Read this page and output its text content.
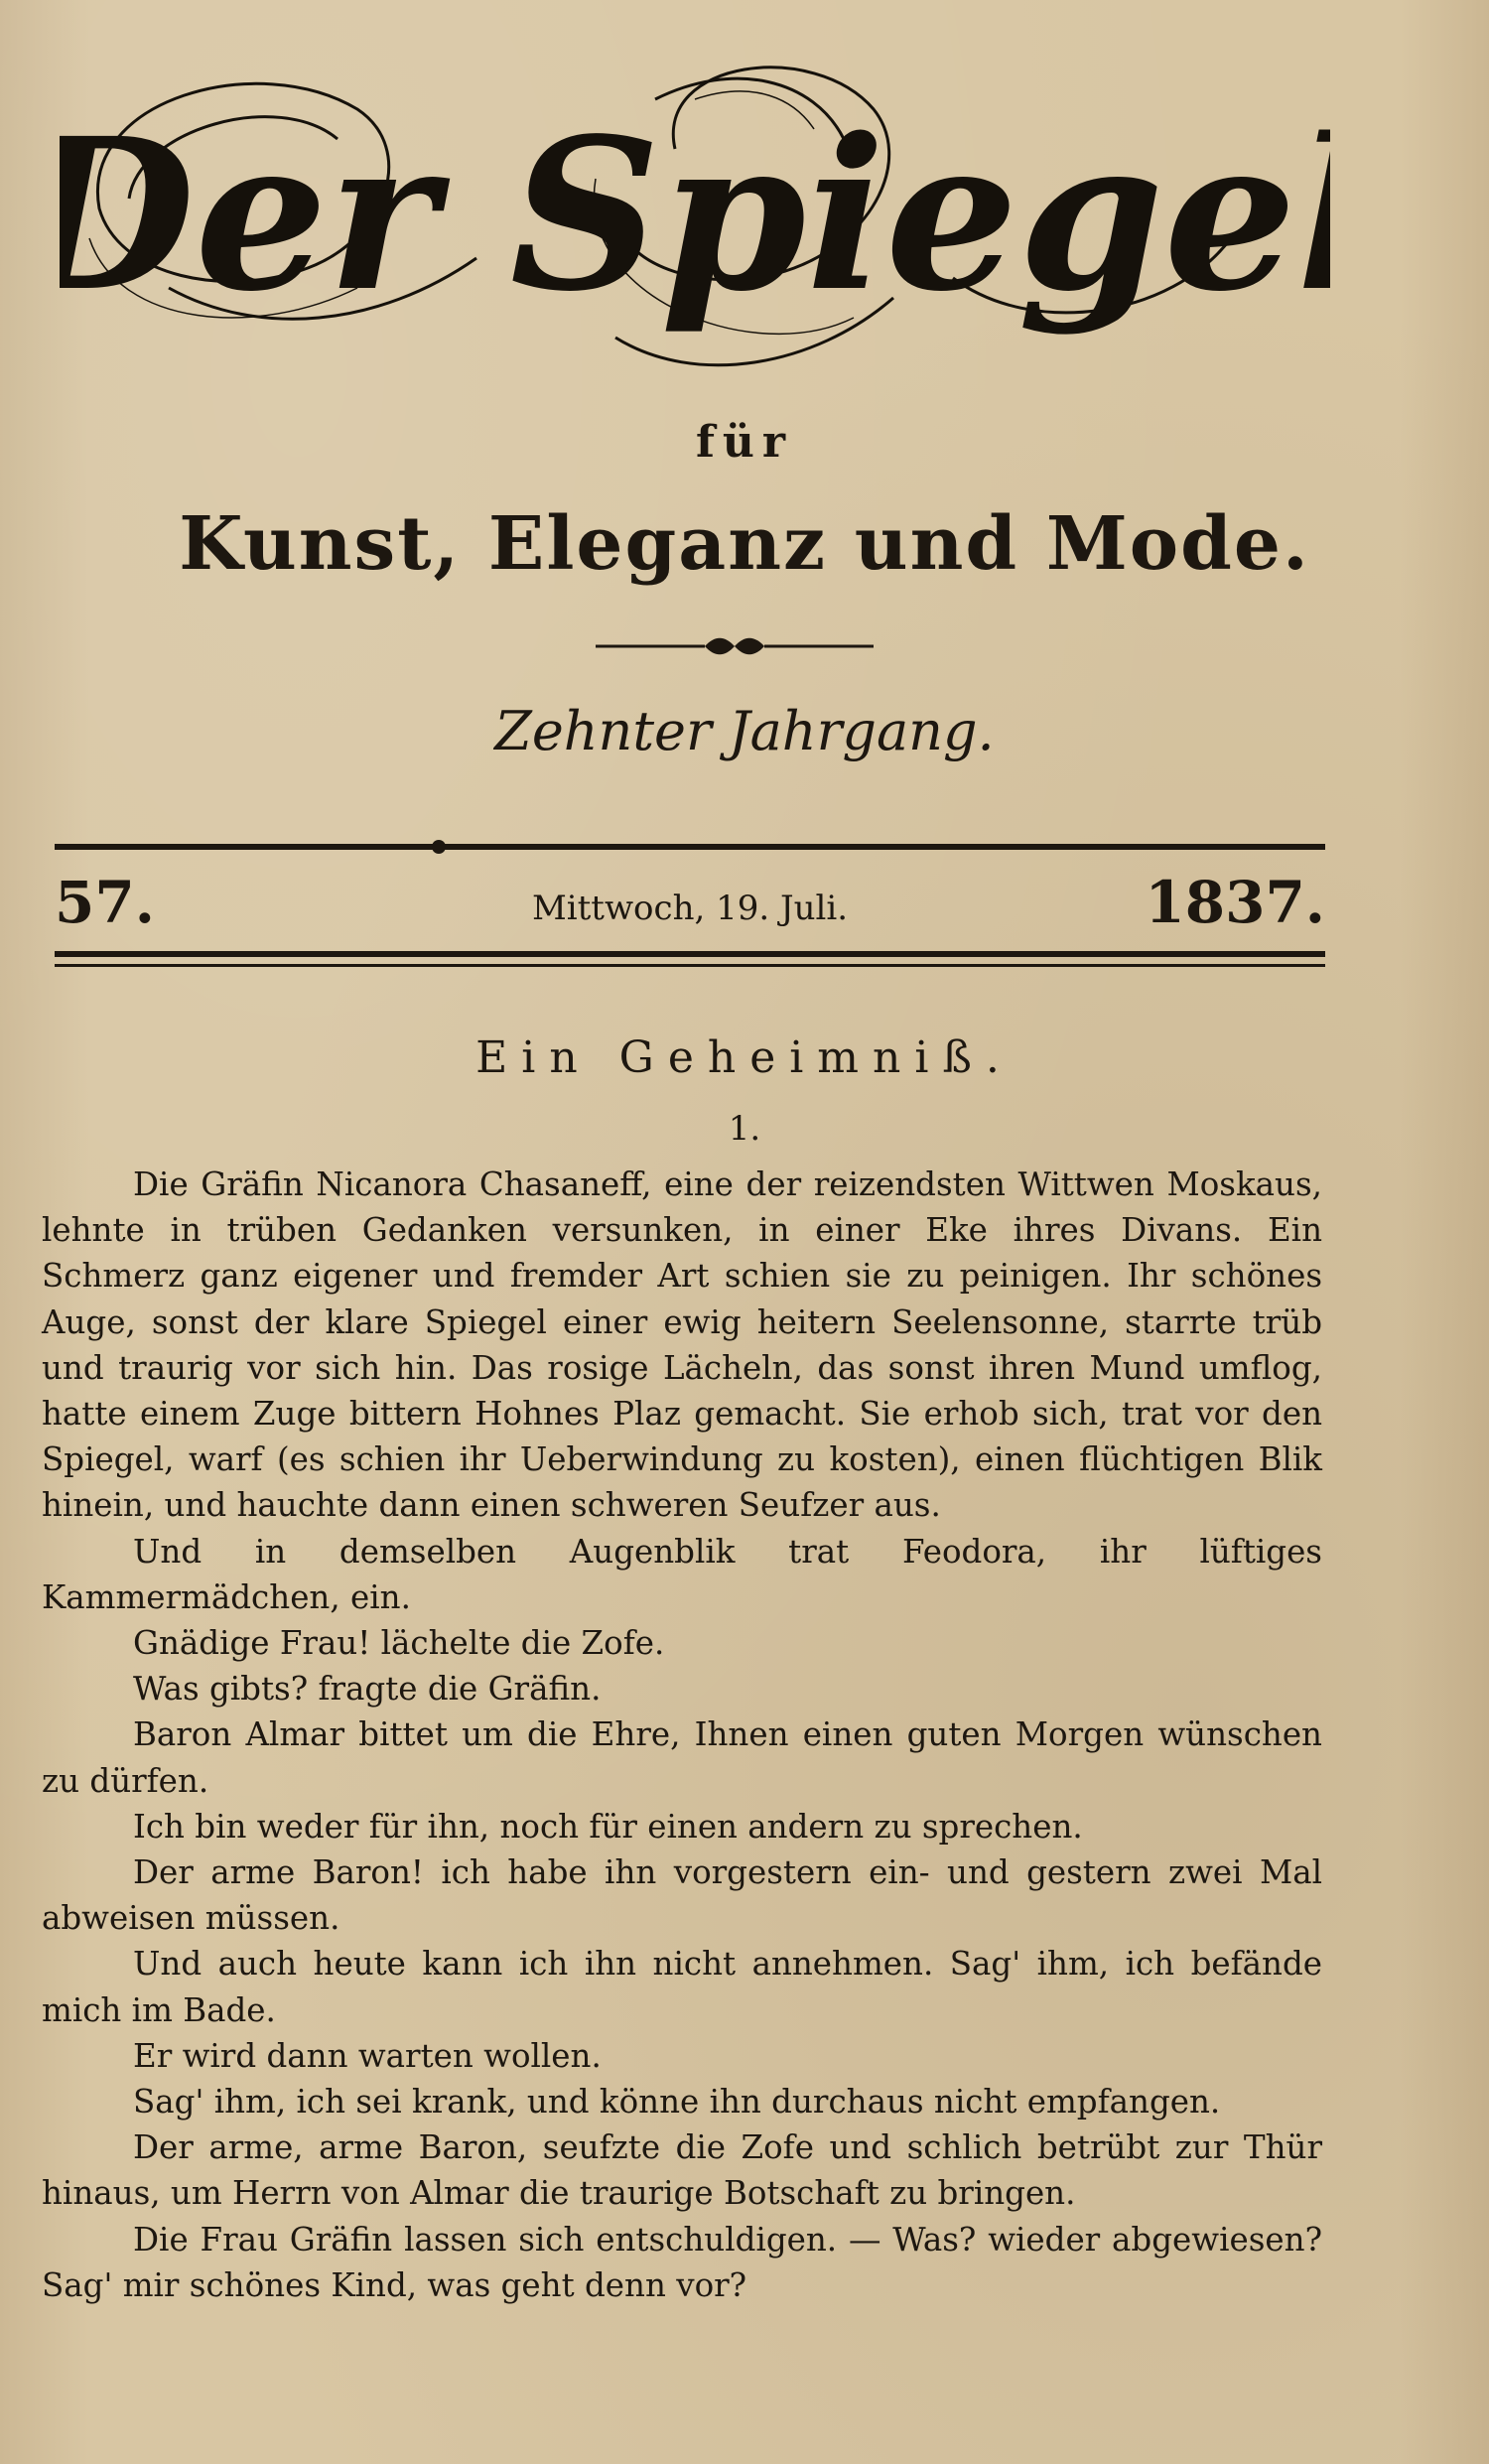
Der Spiegel
für
Kunst, Eleganz und Mode.
Zehnter Jahrgang.
57.	Mittwoch, 19. Juli.	1837.
Ein Geheimniß.
1.

Die Gräfin Nicanora Chasaneff, eine der reizendsten Wittwen Moskaus, lehnte in trüben Gedanken versunken, in einer Eke ihres Divans. Ein Schmerz ganz eigener und fremder Art schien sie zu peinigen. Ihr schönes Auge, sonst der klare Spiegel einer ewig heitern Seelensonne, starrte trüb und traurig vor sich hin. Das rosige Lächeln, das sonst ihren Mund umflog, hatte einem Zuge bittern Hohnes Plaz gemacht. Sie erhob sich, trat vor den Spiegel, warf (es schien ihr Ueberwindung zu kosten), einen flüchtigen Blik hinein, und hauchte dann einen schweren Seufzer aus.

Und in demselben Augenblik trat Feodora, ihr lüftiges Kammermädchen, ein.

Gnädige Frau! lächelte die Zofe.

Was gibts? fragte die Gräfin.

Baron Almar bittet um die Ehre, Ihnen einen guten Morgen wünschen zu dürfen.

Ich bin weder für ihn, noch für einen andern zu sprechen.

Der arme Baron! ich habe ihn vorgestern ein- und gestern zwei Mal abweisen müssen.

Und auch heute kann ich ihn nicht annehmen. Sag' ihm, ich befände mich im Bade.

Er wird dann warten wollen.

Sag' ihm, ich sei krank, und könne ihn durchaus nicht empfangen.

Der arme, arme Baron, seufzte die Zofe und schlich betrübt zur Thür hinaus, um Herrn von Almar die traurige Botschaft zu bringen.

Die Frau Gräfin lassen sich entschuldigen. — Was? wieder abgewiesen? Sag' mir schönes Kind, was geht denn vor?
